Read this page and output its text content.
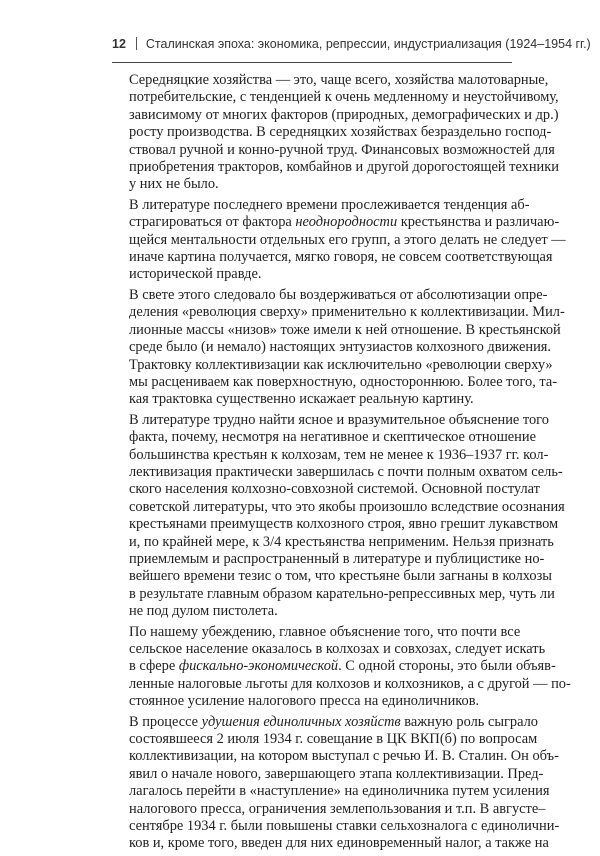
12 Сталинская эпоха: экономика, репрессии, индустриализация (1924–1954 гг.)

Середняцкие хозяйства — это, чаще всего, хозяйства малотоварные,
потребительские, с тенденцией к очень медленному и неустойчивому,
зависимому от многих факторов (природных, демографических и др.)
росту производства. В середняцких хозяйствах безраздельно господ-
ствовал ручной и конно-ручной труд. Финансовых возможностей для
приобретения тракторов, комбайнов и другой дорогостоящей техники
у них не было.

В литературе последнего времени прослеживается тенденция аб-
страгироваться от фактора неоднородности крестьянства и различаю-
щейся ментальности отдельных его групп, а этого делать не следует —
иначе картина получается, мягко говоря, не совсем соответствующая
исторической правде.

В свете этого следовало бы воздерживаться от абсолютизации опре-
деления «революция сверху» применительно к коллективизации. Мил-
лионные массы «низов» тоже имели к ней отношение. В крестьянской
среде было (и немало) настоящих энтузиастов колхозного движения.
Трактовку коллективизации как исключительно «революции сверху»
мы расцениваем как поверхностную, одностороннюю. Более того, та-
кая трактовка существенно искажает реальную картину.

В литературе трудно найти ясное и вразумительное объяснение того
факта, почему, несмотря на негативное и скептическое отношение
большинства крестьян к колхозам, тем не менее к 1936–1937 гг. кол-
лективизация практически завершилась с почти полным охватом сель-
ского населения колхозно-совхозной системой. Основной постулат
советской литературы, что это якобы произошло вследствие осознания
крестьянами преимуществ колхозного строя, явно грешит лукавством
и, по крайней мере, к 3/4 крестьянства неприменим. Нельзя признать
приемлемым и распространенный в литературе и публицистике но-
вейшего времени тезис о том, что крестьяне были загнаны в колхозы
в результате главным образом карательно-репрессивных мер, чуть ли
не под дулом пистолета.

По нашему убеждению, главное объяснение того, что почти все
сельское население оказалось в колхозах и совхозах, следует искать
в сфере фискально-экономической. С одной стороны, это были объяв-
ленные налоговые льготы для колхозов и колхозников, а с другой — по-
стоянное усиление налогового пресса на единоличников.

В процессе удушения единоличных хозяйств важную роль сыграло
состоявшееся 2 июля 1934 г. совещание в ЦК ВКП(б) по вопросам
коллективизации, на котором выступал с речью И. В. Сталин. Он объ-
явил о начале нового, завершающего этапа коллективизации. Пред-
лагалось перейти в «наступление» на единоличника путем усиления
налогового пресса, ограничения землепользования и т.п. В августе–
сентябре 1934 г. были повышены ставки сельхозналога с единолични-
ков и, кроме того, введен для них единовременный налог, а также на
